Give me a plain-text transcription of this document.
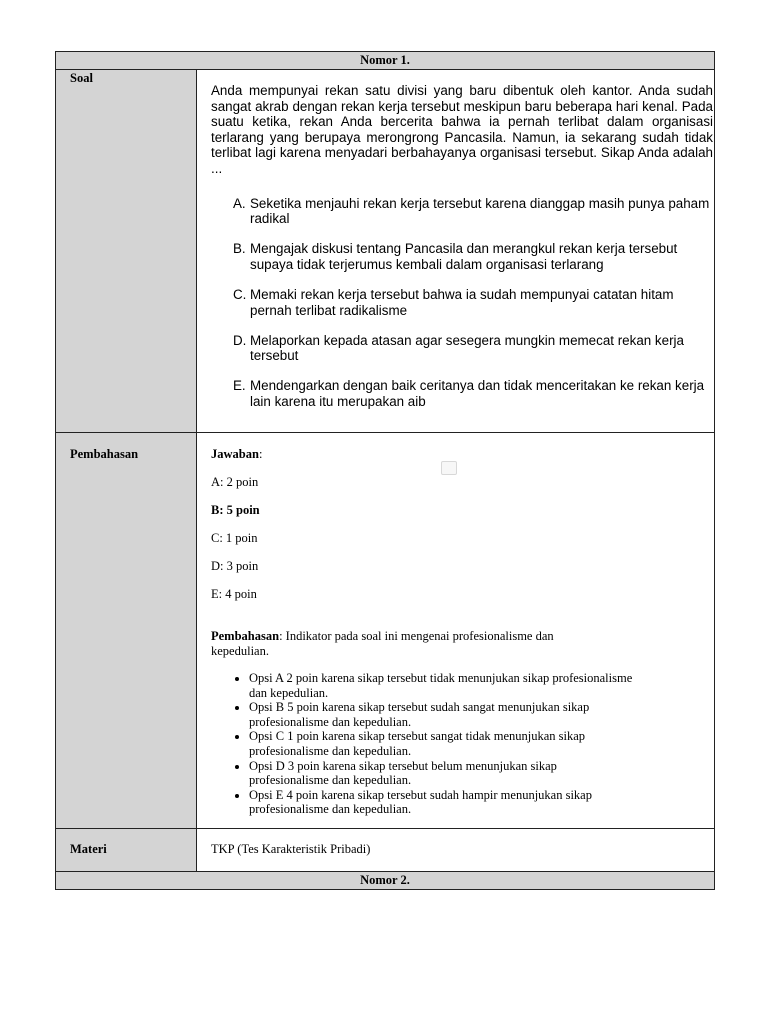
Nomor 1.
Soal
Anda mempunyai rekan satu divisi yang baru dibentuk oleh kantor. Anda sudah sangat akrab dengan rekan kerja tersebut meskipun baru beberapa hari kenal. Pada suatu ketika, rekan Anda bercerita bahwa ia pernah terlibat dalam organisasi terlarang yang berupaya merongrong Pancasila. Namun, ia sekarang sudah tidak terlibat lagi karena menyadari berbahayanya organisasi tersebut. Sikap Anda adalah ...
A. Seketika menjauhi rekan kerja tersebut karena dianggap masih punya paham radikal
B. Mengajak diskusi tentang Pancasila dan merangkul rekan kerja tersebut supaya tidak terjerumus kembali dalam organisasi terlarang
C. Memaki rekan kerja tersebut bahwa ia sudah mempunyai catatan hitam pernah terlibat radikalisme
D. Melaporkan kepada atasan agar sesegera mungkin memecat rekan kerja tersebut
E. Mendengarkan dengan baik ceritanya dan tidak menceritakan ke rekan kerja lain karena itu merupakan aib
Pembahasan	Jawaban:

A: 2 poin

B: 5 poin

C: 1 poin

D: 3 poin

E: 4 poin

Pembahasan: Indikator pada soal ini mengenai profesionalisme dan kepedulian.

• Opsi A 2 poin karena sikap tersebut tidak menunjukan sikap profesionalisme dan kepedulian.
• Opsi B 5 poin karena sikap tersebut sudah sangat menunjukan sikap profesionalisme dan kepedulian.
• Opsi C 1 poin karena sikap tersebut sangat tidak menunjukan sikap profesionalisme dan kepedulian.
• Opsi D 3 poin karena sikap tersebut belum menunjukan sikap profesionalisme dan kepedulian.
• Opsi E 4 poin karena sikap tersebut sudah hampir menunjukan sikap profesionalisme dan kepedulian.
Materi	TKP (Tes Karakteristik Pribadi)
Nomor 2.
